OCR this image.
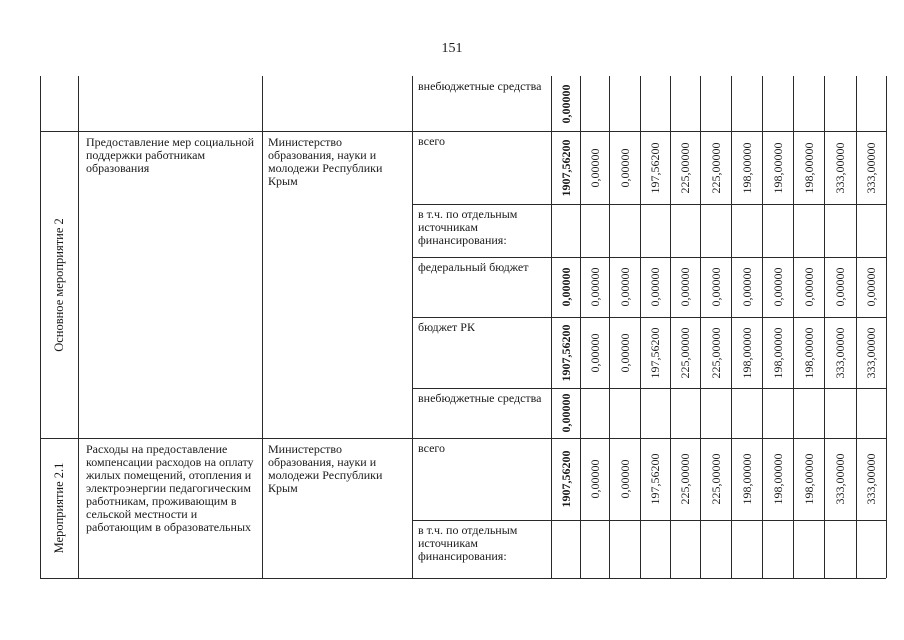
151
внебюджетные средства 0,00000
Основное мероприятие 2
Предоставление мер социальной поддержки работникам образования
Министерство образования, науки и молодежи Республики Крым
всего	1907,56200 0,00000 0,00000 197,56200 225,00000 225,00000 198,00000 198,00000 198,00000 333,00000 333,00000
в т.ч. по отдельным источникам финансирования:
федеральный бюджет
0,00000 0,00000 0,00000 0,00000 0,00000 0,00000 0,00000 0,00000 0,00000 0,00000 0,00000
бюджет РК	1907,56200 0,00000 0,00000 197,56200 225,00000 225,00000 198,00000 198,00000 198,00000 333,00000 333,00000
внебюджетные средства 0,00000
Мероприятие 2.1
Расходы на предоставление компенсации расходов на оплату жилых помещений, отопления и электроэнергии педагогическим работникам, проживающим в сельской местности и работающим в образовательных
Министерство образования, науки и молодежи Республики Крым
всего
1907,56200 0,00000 0,00000 197,56200 225,00000 225,00000 198,00000 198,00000 198,00000 333,00000 333,00000
в т.ч. по отдельным источникам финансирования:
